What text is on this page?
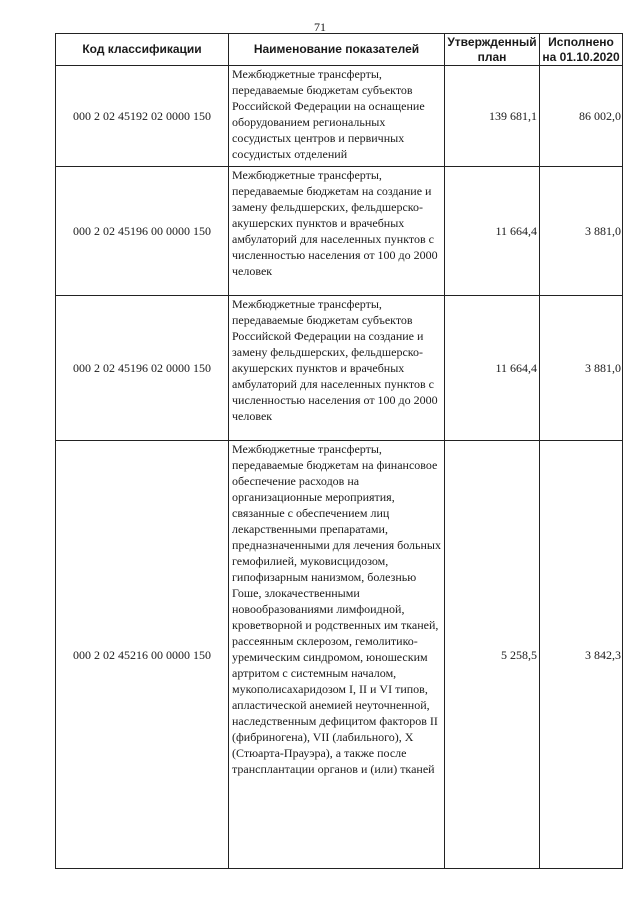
71
Код классификации	Наименование показателей	Утвержденный план	Исполнено на 01.10.2020
000 2 02 45192 02 0000 150	Межбюджетные трансферты, передаваемые бюджетам субъектов Российской Федерации на оснащение оборудованием региональных сосудистых центров и первичных сосудистых отделений	139 681,1	86 002,0
000 2 02 45196 00 0000 150	Межбюджетные трансферты, передаваемые бюджетам на создание и замену фельдшерских, фельдшерско-акушерских пунктов и врачебных амбулаторий для населенных пунктов с численностью населения от 100 до 2000 человек	11 664,4	3 881,0
000 2 02 45196 02 0000 150	Межбюджетные трансферты, передаваемые бюджетам субъектов Российской Федерации на создание и замену фельдшерских, фельдшерско-акушерских пунктов и врачебных амбулаторий для населенных пунктов с численностью населения от 100 до 2000 человек	11 664,4	3 881,0
000 2 02 45216 00 0000 150	Межбюджетные трансферты, передаваемые бюджетам на финансовое обеспечение расходов на организационные мероприятия, связанные с обеспечением лиц лекарственными препаратами, предназначенными для лечения больных гемофилией, муковисцидозом, гипофизарным нанизмом, болезнью Гоше, злокачественными новообразованиями лимфоидной, кроветворной и родственных им тканей, рассеянным склерозом, гемолитико-уремическим синдромом, юношеским артритом с системным началом, мукополисахаридозом I, II и VI типов, апластической анемией неуточненной, наследственным дефицитом факторов II (фибриногена), VII (лабильного), X (Стюарта-Прауэра), а также после трансплантации органов и (или) тканей	5 258,5	3 842,3
